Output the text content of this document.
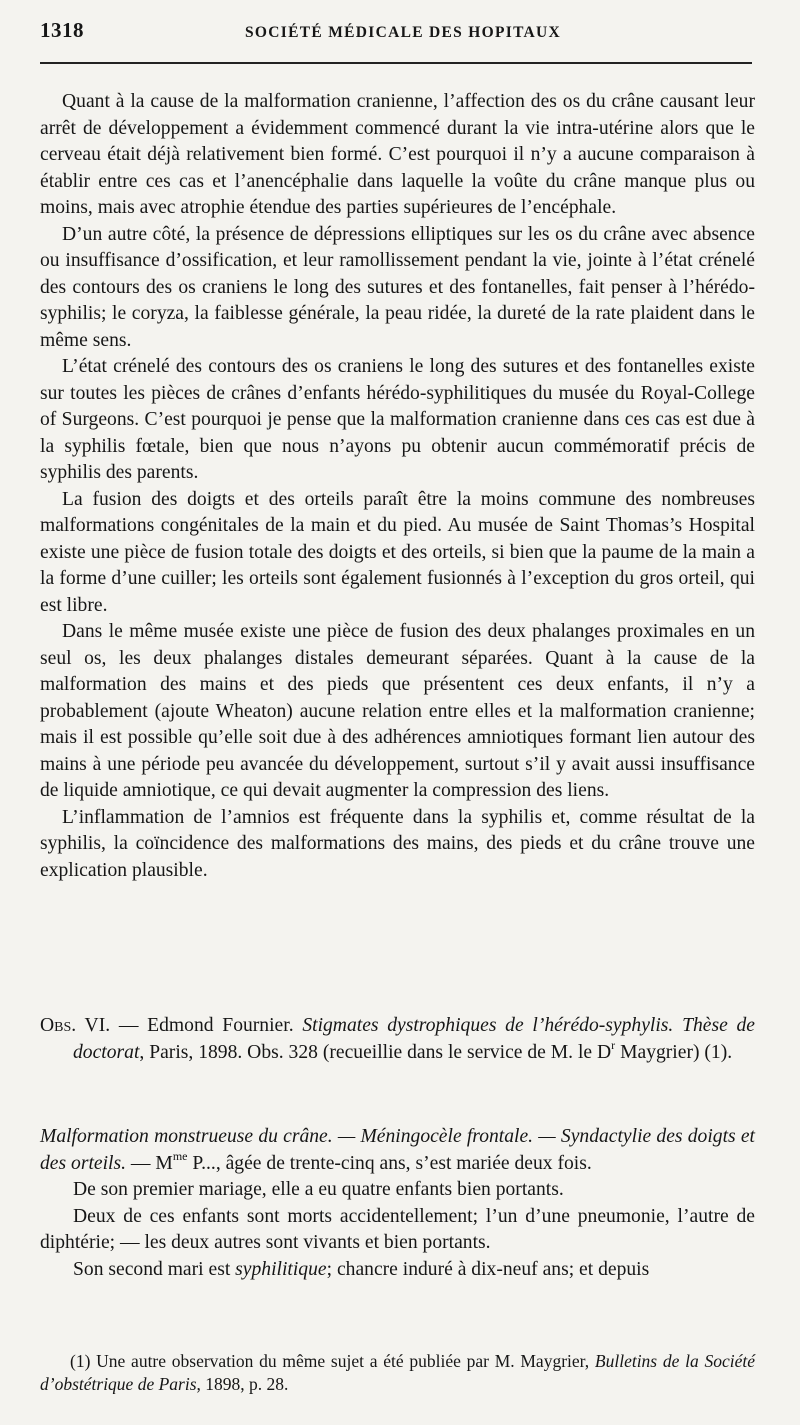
1318	SOCIÉTÉ MÉDICALE DES HOPITAUX

Quant à la cause de la malformation cranienne, l’affection des os du crâne causant leur arrêt de développement a évidemment commencé durant la vie intra-utérine alors que le cerveau était déjà relativement bien formé. C’est pourquoi il n’y a aucune comparaison à établir entre ces cas et l’anencéphalie dans laquelle la voûte du crâne manque plus ou moins, mais avec atrophie étendue des parties supérieures de l’encéphale.

D’un autre côté, la présence de dépressions elliptiques sur les os du crâne avec absence ou insuffisance d’ossification, et leur ramollissement pendant la vie, jointe à l’état crénelé des contours des os craniens le long des sutures et des fontanelles, fait penser à l’hérédo-syphilis; le coryza, la faiblesse générale, la peau ridée, la dureté de la rate plaident dans le même sens.

L’état crénelé des contours des os craniens le long des sutures et des fontanelles existe sur toutes les pièces de crânes d’enfants hérédo-syphilitiques du musée du Royal-College of Surgeons. C’est pourquoi je pense que la malformation cranienne dans ces cas est due à la syphilis fœtale, bien que nous n’ayons pu obtenir aucun commémoratif précis de syphilis des parents.

La fusion des doigts et des orteils paraît être la moins commune des nombreuses malformations congénitales de la main et du pied. Au musée de Saint Thomas’s Hospital existe une pièce de fusion totale des doigts et des orteils, si bien que la paume de la main a la forme d’une cuiller; les orteils sont également fusionnés à l’exception du gros orteil, qui est libre.

Dans le même musée existe une pièce de fusion des deux phalanges proximales en un seul os, les deux phalanges distales demeurant séparées. Quant à la cause de la malformation des mains et des pieds que présentent ces deux enfants, il n’y a probablement (ajoute Wheaton) aucune relation entre elles et la malformation cranienne; mais il est possible qu’elle soit due à des adhérences amniotiques formant lien autour des mains à une période peu avancée du développement, surtout s’il y avait aussi insuffisance de liquide amniotique, ce qui devait augmenter la compression des liens.

L’inflammation de l’amnios est fréquente dans la syphilis et, comme résultat de la syphilis, la coïncidence des malformations des mains, des pieds et du crâne trouve une explication plausible.

Obs. VI. — Edmond Fournier. Stigmates dystrophiques de l’hérédo-syphylis. Thèse de doctorat, Paris, 1898. Obs. 328 (recueillie dans le service de M. le $D^r$ Maygrier) (1).

Malformation monstrueuse du crâne. — Méningocèle frontale. — Syndactylie des doigts et des orteils. — $M^{me}$ P..., âgée de trente-cinq ans, s’est mariée deux fois.

De son premier mariage, elle a eu quatre enfants bien portants.

Deux de ces enfants sont morts accidentellement; l’un d’une pneumonie, l’autre de diphtérie; — les deux autres sont vivants et bien portants.

Son second mari est syphilitique; chancre induré à dix-neuf ans; et depuis

(1) Une autre observation du même sujet a été publiée par M. Maygrier, Bulletins de la Société d’obstétrique de Paris, 1898, p. 28.
